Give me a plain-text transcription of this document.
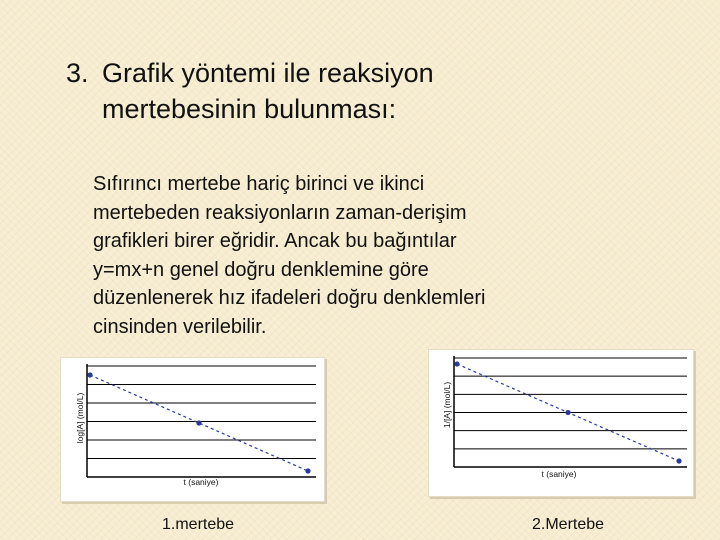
3. Grafik yöntemi ile reaksiyon
mertebesinin bulunması:
Sıfırıncı mertebe hariç birinci ve ikinci
mertebeden reaksiyonların zaman-derişim
grafikleri birer eğridir. Ancak bu bağıntılar
y=mx+n genel doğru denklemine göre
düzenlenerek hız ifadeleri doğru denklemleri
cinsinden verilebilir.
t (saniye)
log[A] (mol/L)
1.mertebe
t (saniye)
1/[A] (mol/L)
2.Mertebe
